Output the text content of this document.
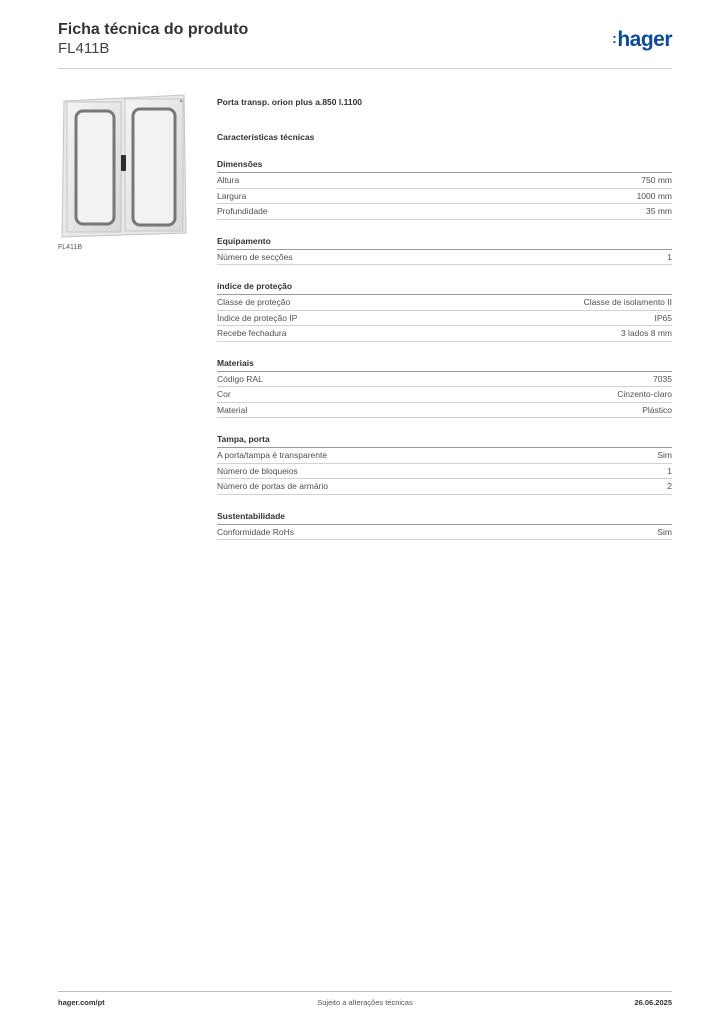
Ficha técnica do produto

FL411B

:hager
FL411B
Porta transp. orion plus a.850 l.1100
Características técnicas
Dimensões
Altura	750 mm
Largura	1000 mm
Profundidade	35 mm
Equipamento
Número de secções	1
índice de proteção
Classe de proteção	Classe de isolamento II
Índice de proteção IP	IP65
Recebe fechadura	3 lados 8 mm
Materiais
Código RAL	7035
Cor	Cinzento-claro
Material	Plástico
Tampa, porta
A porta/tampa é transparente	Sim
Número de bloqueios	1
Número de portas de armário	2
Sustentabilidade
Conformidade RoHs	Sim
hager.com/pt	Sujeito a alterações técnicas	26.06.2025
